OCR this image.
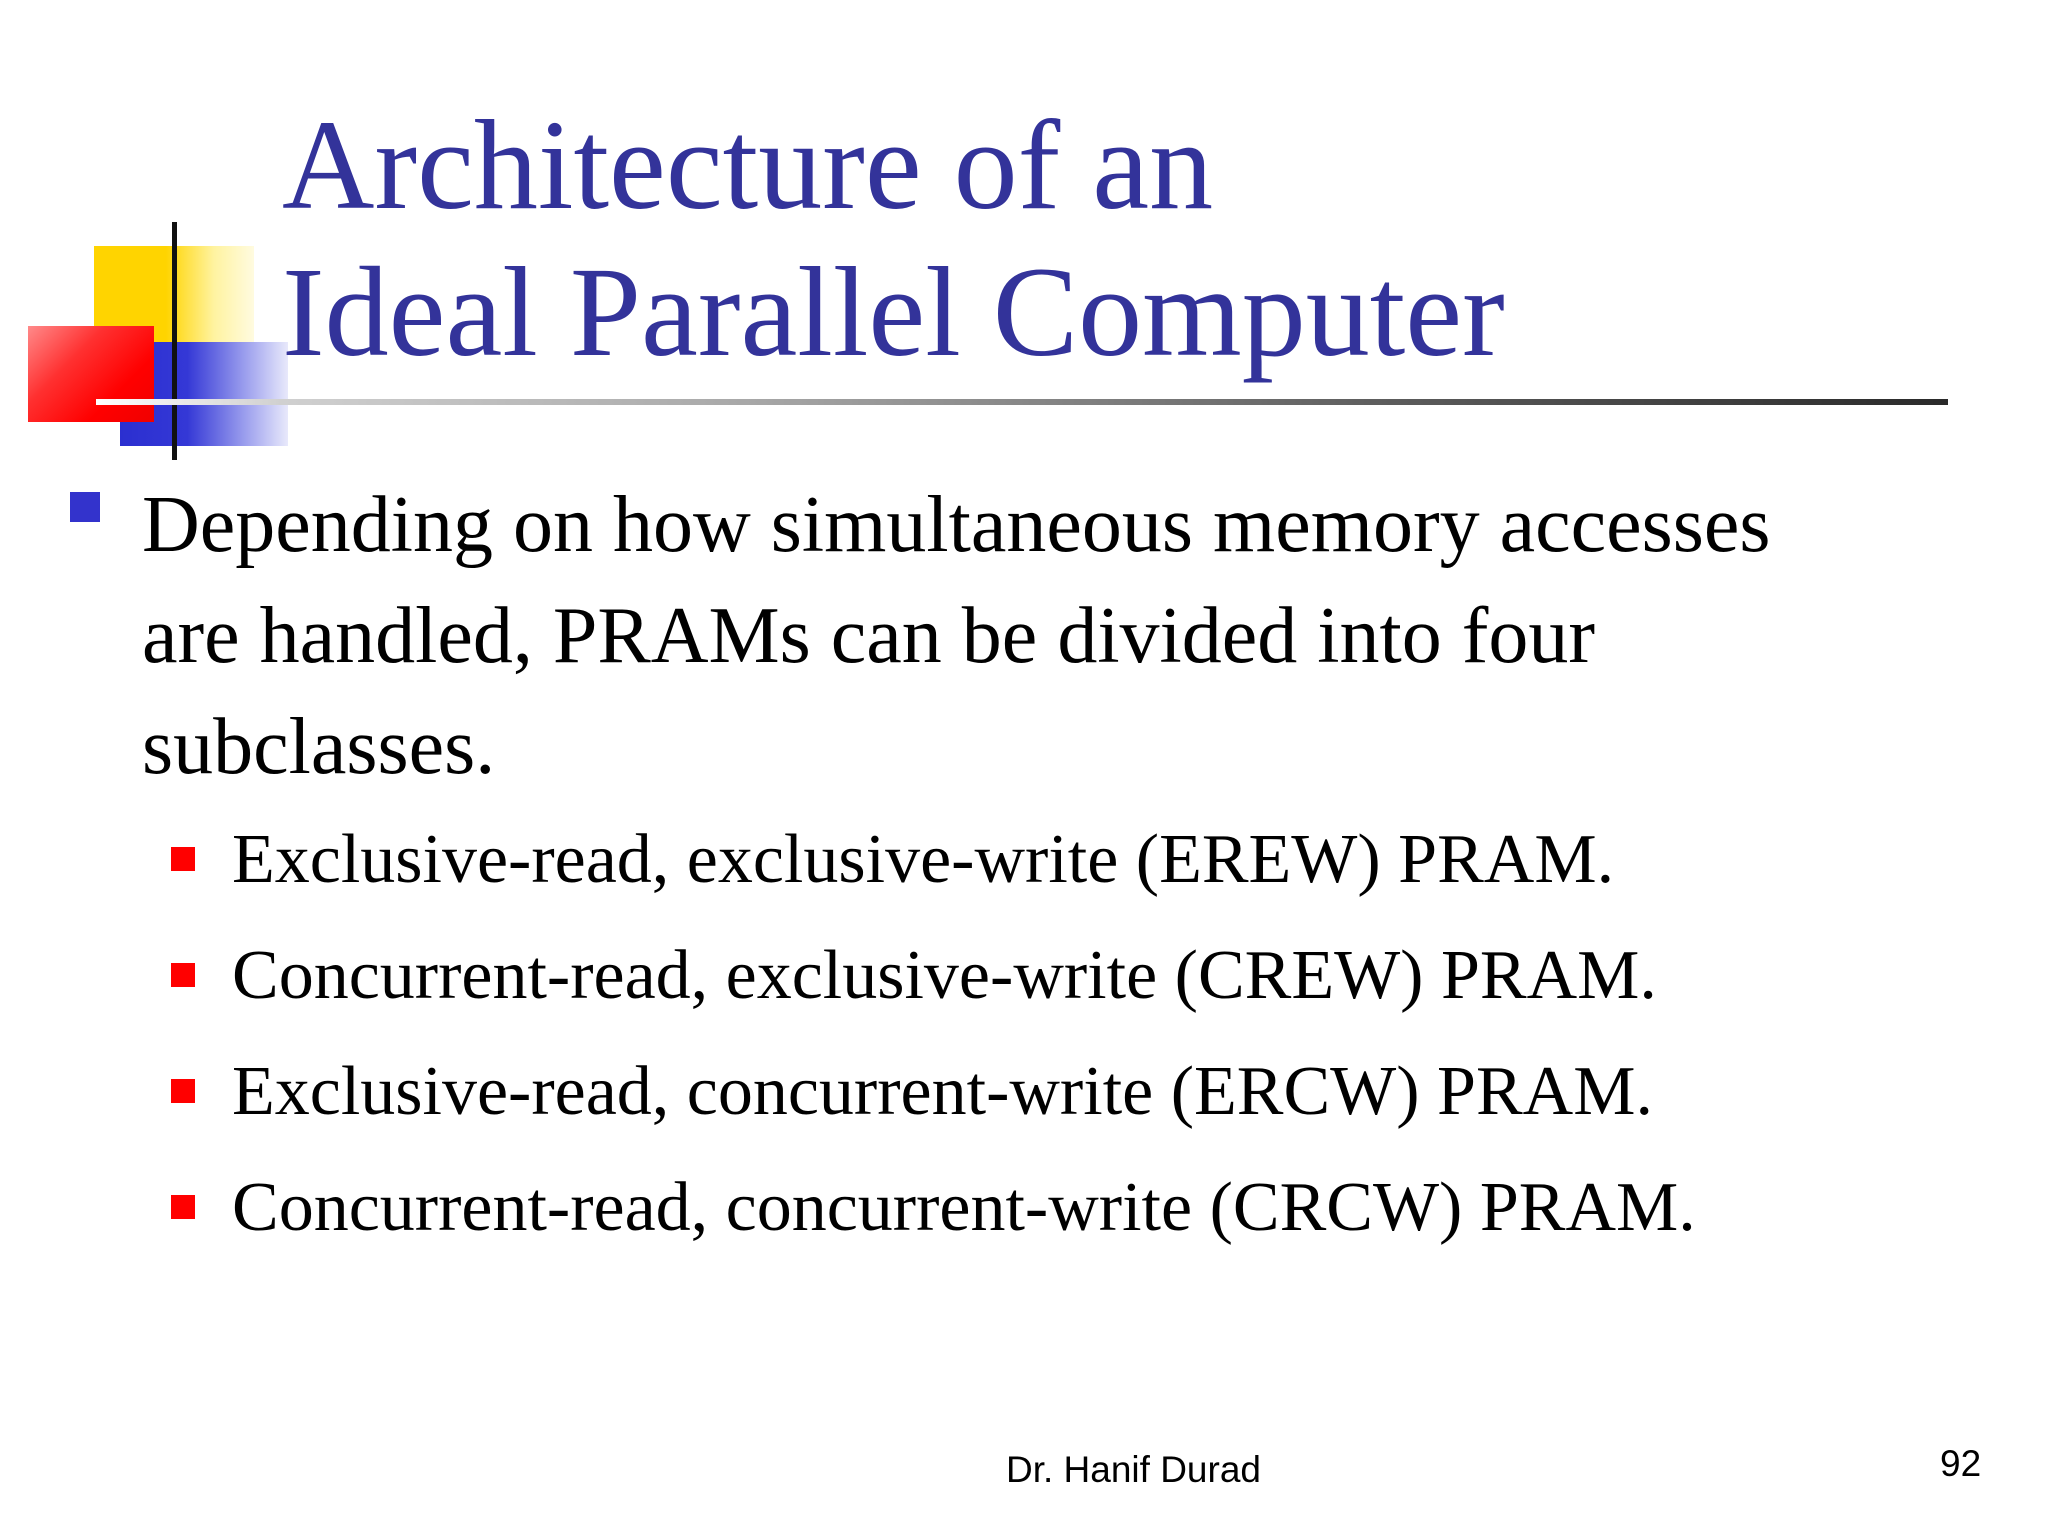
Architecture of an
Ideal Parallel Computer
Depending on how simultaneous memory accesses
are handled, PRAMs can be divided into four
subclasses.
Exclusive-read, exclusive-write (EREW) PRAM.
Concurrent-read, exclusive-write (CREW) PRAM.
Exclusive-read, concurrent-write (ERCW) PRAM.
Concurrent-read, concurrent-write (CRCW) PRAM.
Dr. Hanif Durad	92
